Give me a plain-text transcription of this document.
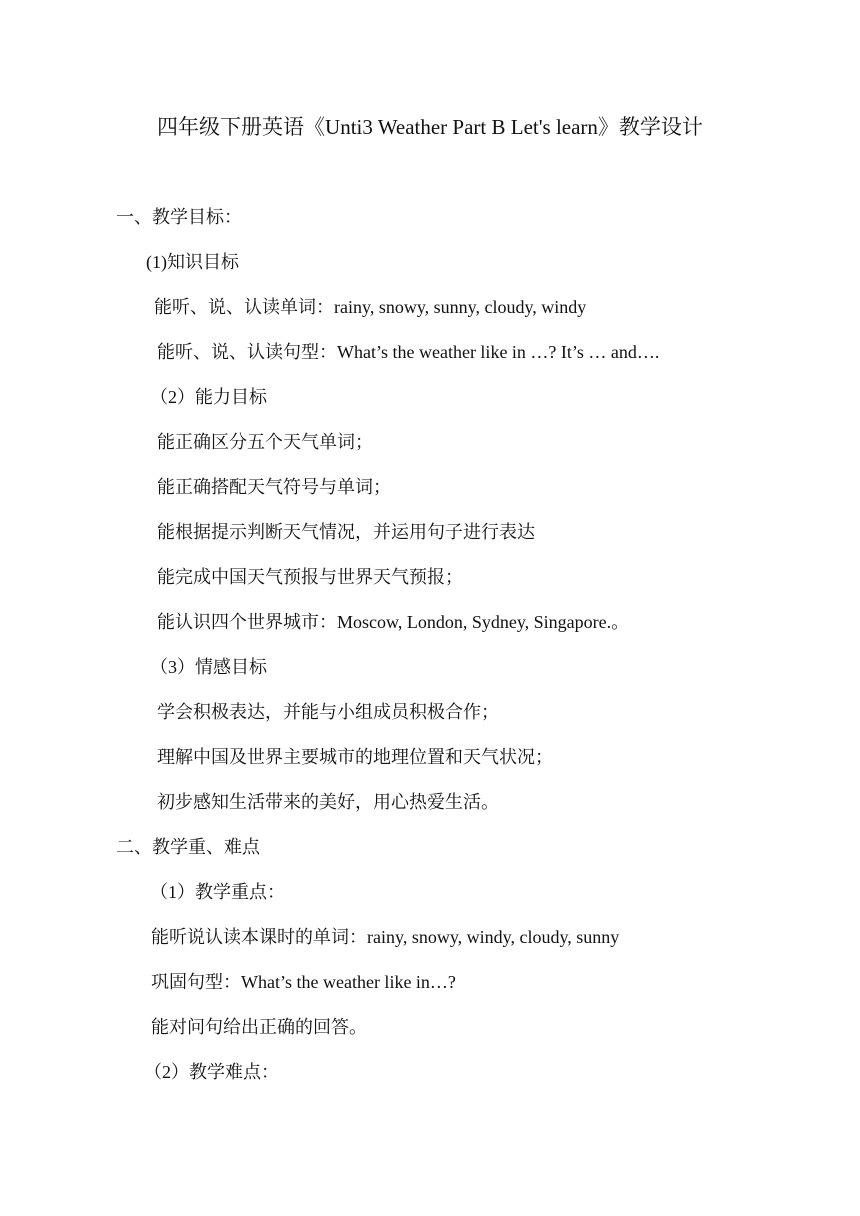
四年级下册英语《Unti3 Weather Part B Let's learn》教学设计
一、教学目标：
(1)知识目标
能听、说、认读单词：rainy, snowy, sunny, cloudy, windy
能听、说、认读句型：What’s the weather like in …? It’s … and….
（2）能力目标
能正确区分五个天气单词；
能正确搭配天气符号与单词；
能根据提示判断天气情况，并运用句子进行表达
能完成中国天气预报与世界天气预报；
能认识四个世界城市：Moscow, London, Sydney, Singapore.。
（3）情感目标
学会积极表达，并能与小组成员积极合作；
理解中国及世界主要城市的地理位置和天气状况；
初步感知生活带来的美好，用心热爱生活。
二、教学重、难点
（1）教学重点：
能听说认读本课时的单词：rainy, snowy, windy, cloudy, sunny
巩固句型：What’s the weather like in…?
能对问句给出正确的回答。
（2）教学难点：
